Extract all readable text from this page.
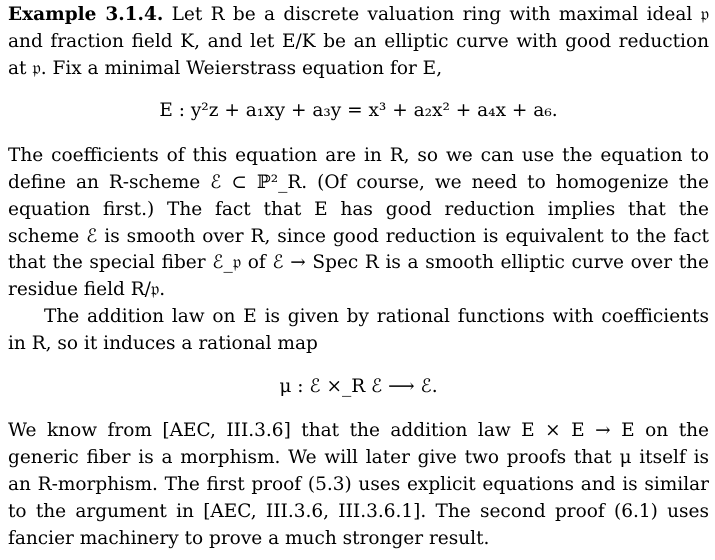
Example 3.1.4. Let R be a discrete valuation ring with maximal ideal 𝔭 and fraction field K, and let E/K be an elliptic curve with good reduction at 𝔭. Fix a minimal Weierstrass equation for E,

E : y²z + a₁xy + a₃y = x³ + a₂x² + a₄x + a₆.

The coefficients of this equation are in R, so we can use the equation to define an R-scheme ℰ ⊂ ℙ²_R. (Of course, we need to homogenize the equation first.) The fact that E has good reduction implies that the scheme ℰ is smooth over R, since good reduction is equivalent to the fact that the special fiber ℰ_𝔭 of ℰ → Spec R is a smooth elliptic curve over the residue field R/𝔭.

The addition law on E is given by rational functions with coefficients in R, so it induces a rational map

μ : ℰ ×_R ℰ ⟶ ℰ.

We know from [AEC, III.3.6] that the addition law E × E → E on the generic fiber is a morphism. We will later give two proofs that μ itself is an R-morphism. The first proof (5.3) uses explicit equations and is similar to the argument in [AEC, III.3.6, III.3.6.1]. The second proof (6.1) uses fancier machinery to prove a much stronger result.
